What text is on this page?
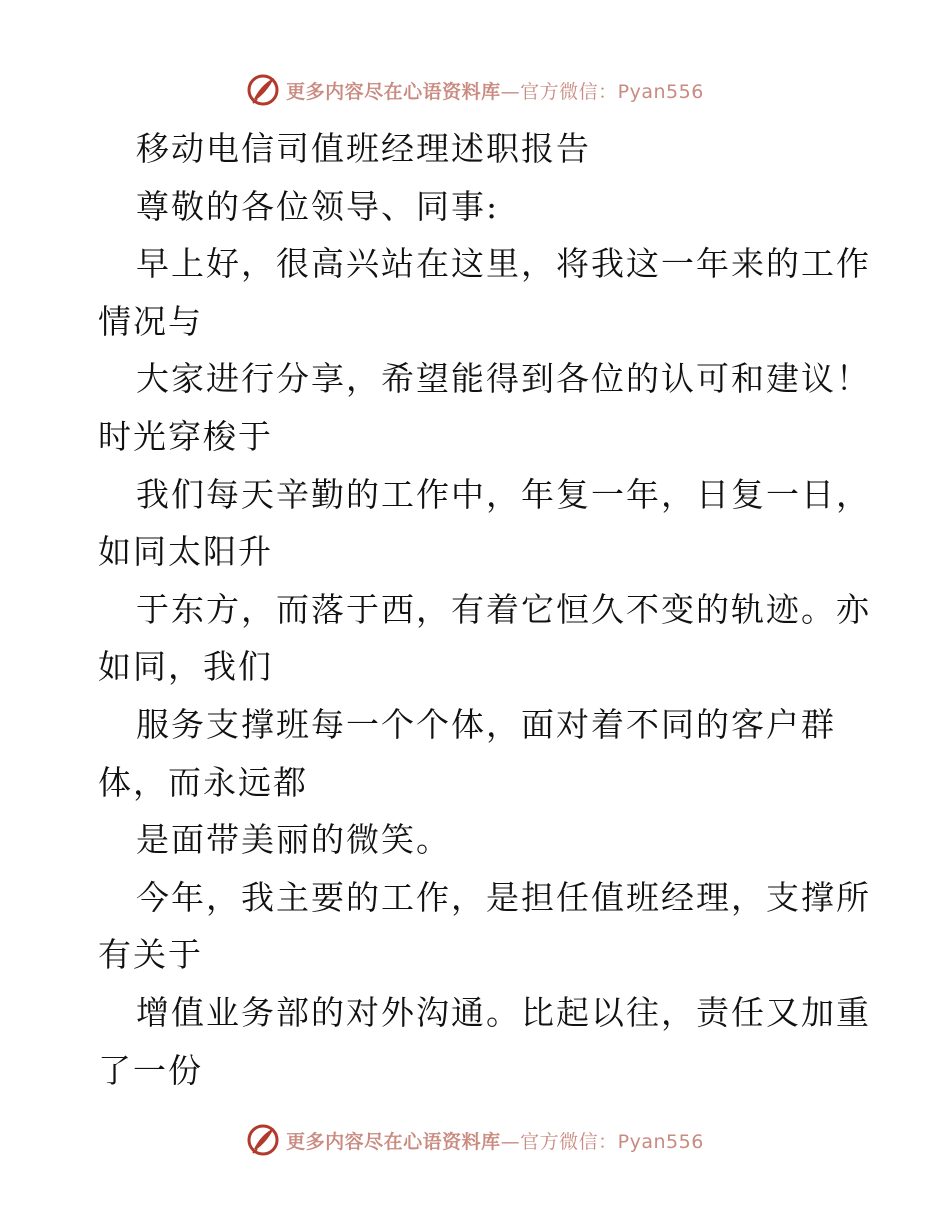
更多内容尽在心语资料库—官方微信：Pyan556
移动电信司值班经理述职报告
尊敬的各位领导、同事:
早上好，很高兴站在这里，将我这一年来的工作
情况与
大家进行分享，希望能得到各位的认可和建议！
时光穿梭于
我们每天辛勤的工作中，年复一年，日复一日，
如同太阳升
于东方，而落于西，有着它恒久不变的轨迹。亦
如同，我们
服务支撑班每一个个体，面对着不同的客户群
体，而永远都
是面带美丽的微笑。
今年，我主要的工作，是担任值班经理，支撑所
有关于
增值业务部的对外沟通。比起以往，责任又加重
了一份
更多内容尽在心语资料库—官方微信：Pyan556
